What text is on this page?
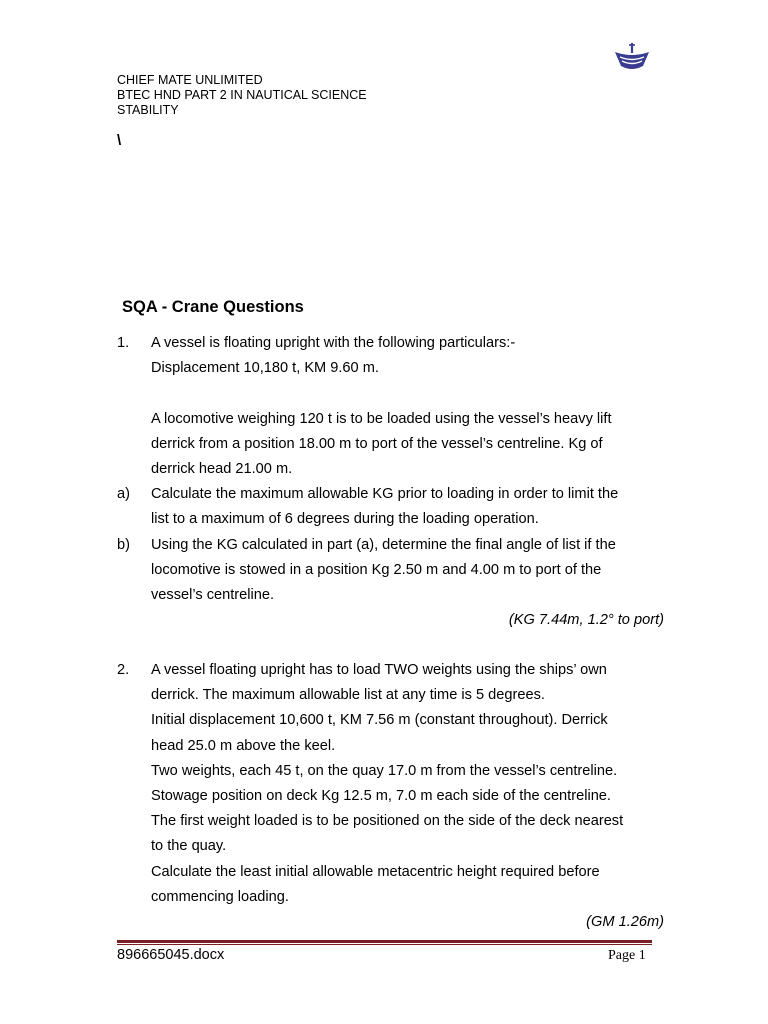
CHIEF MATE UNLIMITED
BTEC HND PART 2 IN NAUTICAL SCIENCE
STABILITY
\
SQA - Crane Questions
1. A vessel is floating upright with the following particulars:-

Displacement 10,180 t, KM 9.60 m.

A locomotive weighing 120 t is to be loaded using the vessel’s heavy lift

derrick from a position 18.00 m to port of the vessel’s centreline. Kg of

derrick head 21.00 m.

a) Calculate the maximum allowable KG prior to loading in order to limit the

list to a maximum of 6 degrees during the loading operation.

b) Using the KG calculated in part (a), determine the final angle of list if the

locomotive is stowed in a position Kg 2.50 m and 4.00 m to port of the

vessel’s centreline.

(KG 7.44m, 1.2° to port)

2. A vessel floating upright has to load TWO weights using the ships’ own

derrick. The maximum allowable list at any time is 5 degrees.

Initial displacement 10,600 t, KM 7.56 m (constant throughout). Derrick

head 25.0 m above the keel.

Two weights, each 45 t, on the quay 17.0 m from the vessel’s centreline.

Stowage position on deck Kg 12.5 m, 7.0 m each side of the centreline.

The first weight loaded is to be positioned on the side of the deck nearest

to the quay.

Calculate the least initial allowable metacentric height required before

commencing loading.

(GM 1.26m)

896665045.docx	Page 1
